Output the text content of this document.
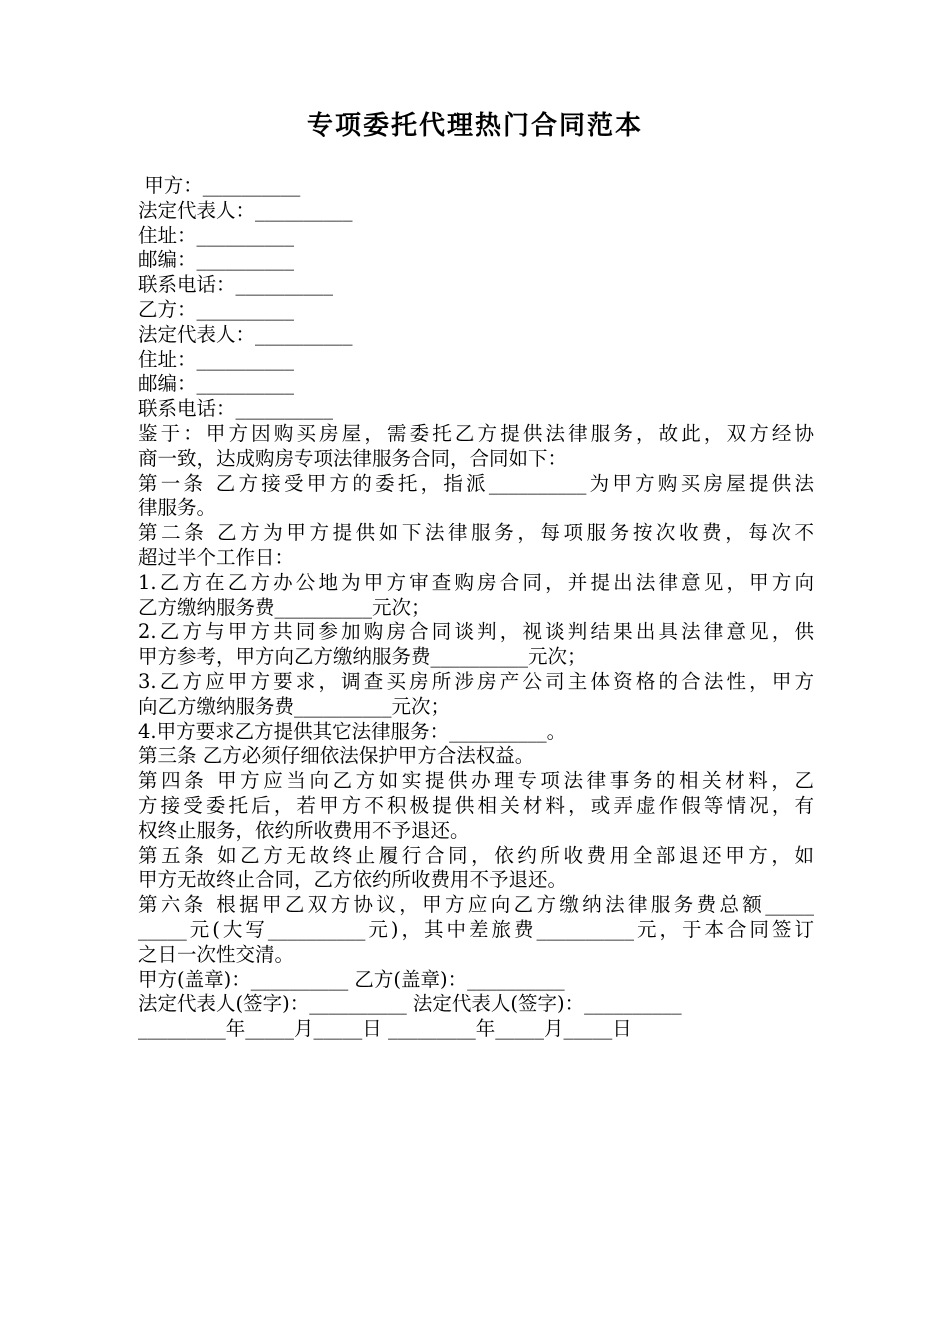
专项委托代理热门合同范本
甲方：__________
法定代表人：__________
住址：__________
邮编：__________
联系电话：__________
乙方：__________
法定代表人：__________
住址：__________
邮编：__________
联系电话：__________
鉴于：甲方因购买房屋，需委托乙方提供法律服务，故此，双方经协
商一致，达成购房专项法律服务合同，合同如下：
第一条 乙方接受甲方的委托，指派__________为甲方购买房屋提供法
律服务。
第二条 乙方为甲方提供如下法律服务，每项服务按次收费，每次不
超过半个工作日：
1.乙方在乙方办公地为甲方审查购房合同，并提出法律意见，甲方向
乙方缴纳服务费__________元次；
2.乙方与甲方共同参加购房合同谈判，视谈判结果出具法律意见，供
甲方参考，甲方向乙方缴纳服务费__________元次；
3.乙方应甲方要求，调查买房所涉房产公司主体资格的合法性，甲方
向乙方缴纳服务费__________元次；
4.甲方要求乙方提供其它法律服务：__________。
第三条 乙方必须仔细依法保护甲方合法权益。
第四条 甲方应当向乙方如实提供办理专项法律事务的相关材料，乙
方接受委托后，若甲方不积极提供相关材料，或弄虚作假等情况，有
权终止服务，依约所收费用不予退还。
第五条 如乙方无故终止履行合同，依约所收费用全部退还甲方，如
甲方无故终止合同，乙方依约所收费用不予退还。
第六条 根据甲乙双方协议，甲方应向乙方缴纳法律服务费总额_____
_____元(大写__________元)，其中差旅费__________元，于本合同签订
之日一次性交清。
甲方(盖章)：__________ 乙方(盖章)：__________
法定代表人(签字)：__________ 法定代表人(签字)：__________
_________年_____月_____日 _________年_____月_____日
